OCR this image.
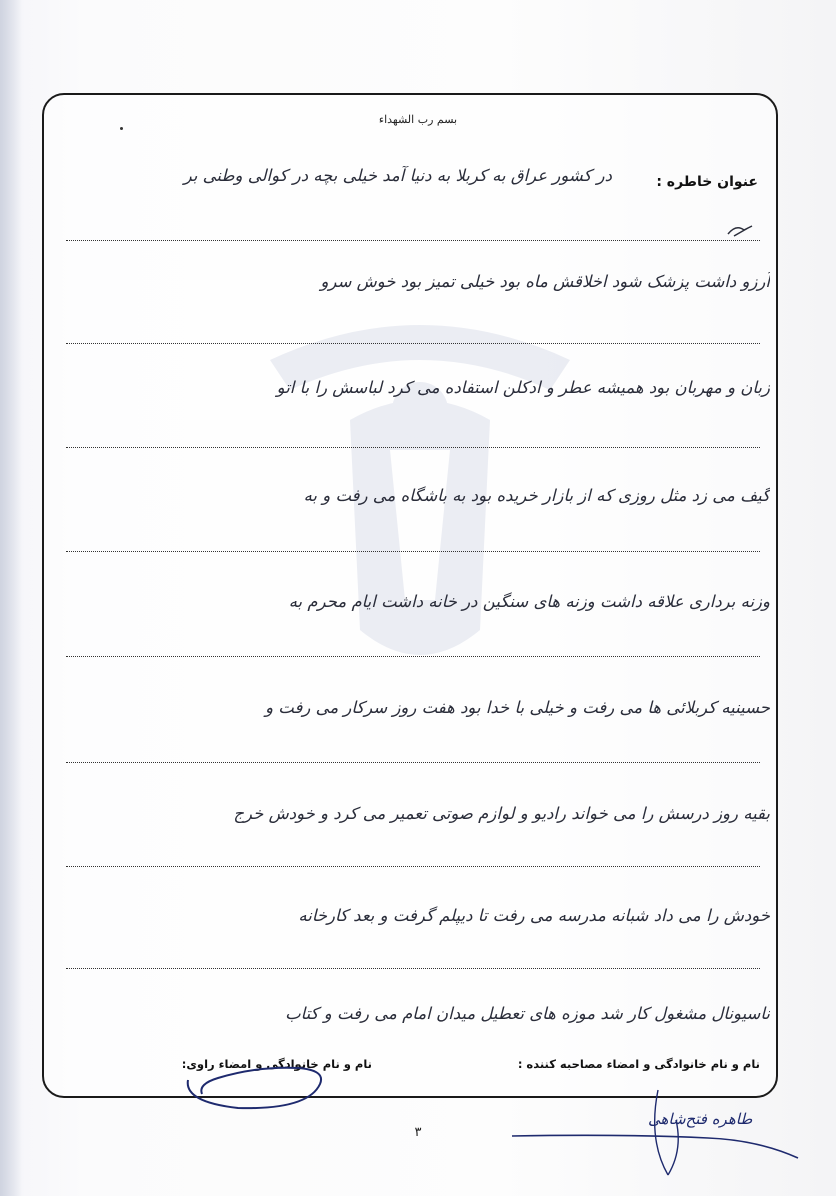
بسم رب الشهداء
عنوان خاطره :
در کشور عراق به کربلا به دنیا آمد خیلی بچه در کوالی وطنی بر
آرزو داشت پزشک شود اخلاقش ماه بود خیلی تمیز بود خوش سرو
زبان و مهربان بود همیشه عطر و ادکلن استفاده می کرد لباسش را با اتو
گیف می زد مثل روزی که از بازار خریده بود به باشگاه می رفت و به
وزنه برداری علاقه داشت وزنه های سنگین در خانه داشت ایام محرم به
حسینیه کربلائی ها می رفت و خیلی با خدا بود هفت روز سرکار می رفت و
بقیه روز درسش را می خواند رادیو و لوازم صوتی تعمیر می کرد و خودش خرج
خودش را می داد شبانه مدرسه می رفت تا دیپلم گرفت و بعد کارخانه
ناسیونال مشغول کار شد موزه های تعطیل میدان امام می رفت و کتاب
نام و نام خانوادگی و امضاء مصاحبه کننده :
نام و نام خانوادگی و امضاء راوی:
طاهره فتح‌شاهی
۳
